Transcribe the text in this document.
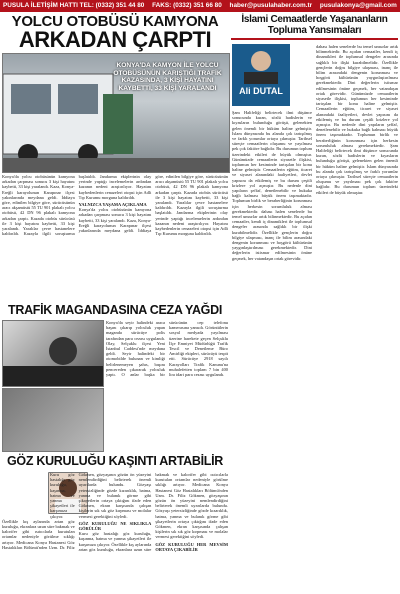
PUSULA İLETİŞİM HATTI TEL: (0332) 351 44 80 FAKS: (0332) 351 66 80 haber@pusulahaber.com.tr pusulakonya@gmail.com
YOLCU OTOBÜSÜ KAMYONA
ARKADAN ÇARPTI
KONYA'DA KAMYON İLE YOLCU OTOBÜSÜNÜN KARIŞTIĞI TRAFİK KAZASINDA, 3 KİŞİ HAYATINI KAYBETTİ, 33 KİŞİ YARALANDI
Konya'da yolcu otobüsünün kamyona arkadan çarpması sonucu 3 kişi hayatını kaybetti, 33 kişi yaralandı. Kaza, Konya-Ereğli karayolunun Karapınar ilçesi yakınlarında meydana geldi. İddiaya göre, edinilen bilgiye göre, sürücüsünün aracı akşamüstü 55 TU 901 plakalı yolcu otobüsü, 42 DN 96 plakalı kamyona arkadan çarptı. Kazada otobüs sürücüsü ile 3 kişi hayatını kaybetti, 33 kişi yaralandı. Yaralılar çevre hastanelere kaldırıldı. Kazayla ilgili soruşturma başlatıldı. Jandarma ekiplerinin olay yerinde yaptığı incelemelerin ardından kazanın nedeni araştırılıyor. Hayatını kaybedenlerin cenazeleri otopsi için Adli Tıp Kurumu morguna kaldırıldı.
YALNIZCA YAŞAMA AÇIKLAMA
Konya'da yolcu otobüsünün kamyona arkadan çarpması sonucu 3 kişi hayatını kaybetti, 33 kişi yaralandı. Kaza, Konya-Ereğli karayolunun Karapınar ilçesi yakınlarında meydana geldi. İddiaya göre, edinilen bilgiye göre, sürücüsünün aracı akşamüstü 55 TU 901 plakalı yolcu otobüsü, 42 DN 96 plakalı kamyona arkadan çarptı. Kazada otobüs sürücüsü ile 3 kişi hayatını kaybetti, 33 kişi yaralandı. Yaralılar çevre hastanelere kaldırıldı. Kazayla ilgili soruşturma başlatıldı. Jandarma ekiplerinin olay yerinde yaptığı incelemelerin ardından kazanın nedeni araştırılıyor. Hayatını kaybedenlerin cenazeleri otopsi için Adli Tıp Kurumu morguna kaldırıldı.
TRAFİK MAGANDASINA CEZA YAĞDI
Konya'da seyir halindeki araca başını çıkarıp yolculuk yapan maganda sürücüye polis tarafından para cezası uygulandı. Olay, Selçuklu ilçesi Yeni İstanbul Caddesi'nde meydana geldi. Seyir halindeki bir otomobilde bulunan ve kimliği belirlenemeyen şahıs, başını pencereden çıkararak yolculuk yaptı. O anlar başka bir sürücünün cep telefonu kamerasına yansıdı. Görüntülerin sosyal medyada yayılması üzerine harekete geçen Selçuklu İlçe Emniyet Müdürlüğü Trafik Tescil ve Denetleme Büro Amirliği ekipleri, sürücüyü tespit etti. Sürücüye 2918 sayılı Karayolları Trafik Kanunu'na muhalefetten toplam 7 bin 400 lira idari para cezası uygulandı.
GÖZ KURULUĞU KAŞINTI ARTABİLİR
Kuru göz hastalığı göz kuruluğu, kaşınma, batma ve yanma şikayetleri ile karşımıza çıkıyor. Özellikle kış aylarında artan göz kuruluğu, ekranlara uzun süre bakmak ve kalorifer gibi ısıtıcılarla kurutulan ortamlar nedeniyle görülme sıklığı artıyor. Medicana Konya Hastanesi Göz Hastalıkları Bölümü'nden Uzm. Dr. Filiz Gökmen, gözyaşının gözün ön yüzeyini nemlendirdiğini belirterek önemli uyarılarda bulundu. Gözyaşı yetersizliğinde gözde kızarıklık, batma, yanma ve bulanık görme gibi şikayetlerin ortaya çıktığını ifade eden Gökmen, ekran karşısında çalışan kişilerin sık sık göz kırpması ve molalar vermesi gerektiğini söyledi.
GÖZ KURULUĞU NE SIKLIKLA GÖRÜLÜR
Kuru göz hastalığı göz kuruluğu, kaşınma, batma ve yanma şikayetleri ile karşımıza çıkıyor. Özellikle kış aylarında artan göz kuruluğu, ekranlara uzun süre bakmak ve kalorifer gibi ısıtıcılarla kurutulan ortamlar nedeniyle görülme sıklığı artıyor. Medicana Konya Hastanesi Göz Hastalıkları Bölümü'nden Uzm. Dr. Filiz Gökmen, gözyaşının gözün ön yüzeyini nemlendirdiğini belirterek önemli uyarılarda bulundu. Gözyaşı yetersizliğinde gözde kızarıklık, batma, yanma ve bulanık görme gibi şikayetlerin ortaya çıktığını ifade eden Gökmen, ekran karşısında çalışan kişilerin sık sık göz kırpması ve molalar vermesi gerektiğini söyledi.
GÖZ KURULUĞU HER MEVSİM ORTAYA ÇIKABİLİR
İslami Cemaatlerde Yaşananların
Topluma Yansımaları
Ali DUTAL
Şam Halifeliği belirtecek ilmi düşünce sonucunda kuran, sözlü hadislerin ve kıyasların bulunduğu görüşü, gelenekten gelen önemli bir hüküm haline gelmiştir. İslam dünyasında bu alanda çok tartışılmış ve farklı yorumlar ortaya çıkmıştır. Tarihsel süreçte cemaatlerin oluşumu ve yayılması pek çok faktöre bağlıdır. Bu durumun toplum üzerindeki etkileri de büyük olmuştur. Günümüzde cemaatlerin siyasetle ilişkisi, toplumun her kesiminde tartışılan bir konu haline gelmiştir. Cemaatlerin eğitim, ticaret ve siyaset alanındaki faaliyetleri, devlet yapısını da etkilemiş ve bu durum çeşitli krizlere yol açmıştır. Bu nedenle dini yapıların şeffaf, denetlenebilir ve hukuka bağlı kalması büyük önem taşımaktadır. Toplumun birlik ve beraberliğinin korunması için herkesin sorumluluk alması gerekmektedir. dahası halen senelerde bu temel unsurlar artık bilinmektedir. Bu açıdan cemaatler, kendi iç dinamikleri ile toplumsal dengeler arasında sağlıklı bir ilişki kurabilmelidir. Özellikle gençlerin doğru bilgiye ulaşması, inanç ile bilim arasındaki dengenin korunması ve hoşgörü kültürünün yaygınlaştırılması gerekmektedir. Dini değerlerin istismar edilmesinin önüne geçmek, her vatandaşın ortak görevidir.
dahası halen senelerde bu temel unsurlar artık bilinmektedir. Bu açıdan cemaatler, kendi iç dinamikleri ile toplumsal dengeler arasında sağlıklı bir ilişki kurabilmelidir. Özellikle gençlerin doğru bilgiye ulaşması, inanç ile bilim arasındaki dengenin korunması ve hoşgörü kültürünün yaygınlaştırılması gerekmektedir. Dini değerlerin istismar edilmesinin önüne geçmek, her vatandaşın ortak görevidir. Günümüzde cemaatlerin siyasetle ilişkisi, toplumun her kesiminde tartışılan bir konu haline gelmiştir. Cemaatlerin eğitim, ticaret ve siyaset alanındaki faaliyetleri, devlet yapısını da etkilemiş ve bu durum çeşitli krizlere yol açmıştır. Bu nedenle dini yapıların şeffaf, denetlenebilir ve hukuka bağlı kalması büyük önem taşımaktadır. Toplumun birlik ve beraberliğinin korunması için herkesin sorumluluk alması gerekmektedir. Şam Halifeliği belirtecek ilmi düşünce sonucunda kuran, sözlü hadislerin ve kıyasların bulunduğu görüşü, gelenekten gelen önemli bir hüküm haline gelmiştir. İslam dünyasında bu alanda çok tartışılmış ve farklı yorumlar ortaya çıkmıştır. Tarihsel süreçte cemaatlerin oluşumu ve yayılması pek çok faktöre bağlıdır. Bu durumun toplum üzerindeki etkileri de büyük olmuştur.
